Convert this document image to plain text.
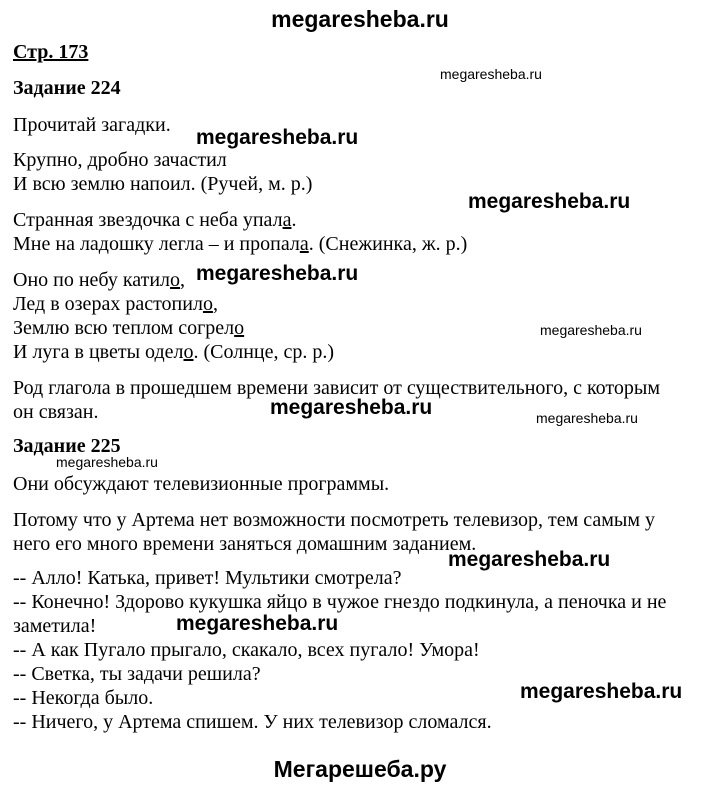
megaresheba.ru
Стр. 173
Задание 224
Прочитай загадки.
Крупно, дробно зачастил
И всю землю напоил. (Ручей, м. р.)
Странная звездочка с неба упала.
Мне на ладошку легла – и пропала. (Снежинка, ж. р.)
Оно по небу катило,
Лед в озерах растопило,
Землю всю теплом согрело
И луга в цветы одело. (Солнце, ср. р.)
Род глагола в прошедшем времени зависит от существительного, с которым
он связан.
Задание 225
Они обсуждают телевизионные программы.
Потому что у Артема нет возможности посмотреть телевизор, тем самым у
него его много времени заняться домашним заданием.
-- Алло! Катька, привет! Мультики смотрела?
-- Конечно! Здорово кукушка яйцо в чужое гнездо подкинула, а пеночка и не
заметила!
-- А как Пугало прыгало, скакало, всех пугало! Умора!
-- Светка, ты задачи решила?
-- Некогда было.
-- Ничего, у Артема спишем. У них телевизор сломался.
megaresheba.ru
megaresheba.ru
megaresheba.ru
megaresheba.ru
megaresheba.ru
megaresheba.ru	megaresheba.ru
megaresheba.ru
megaresheba.ru
megaresheba.ru
megaresheba.ru
Мегарешеба.ру
